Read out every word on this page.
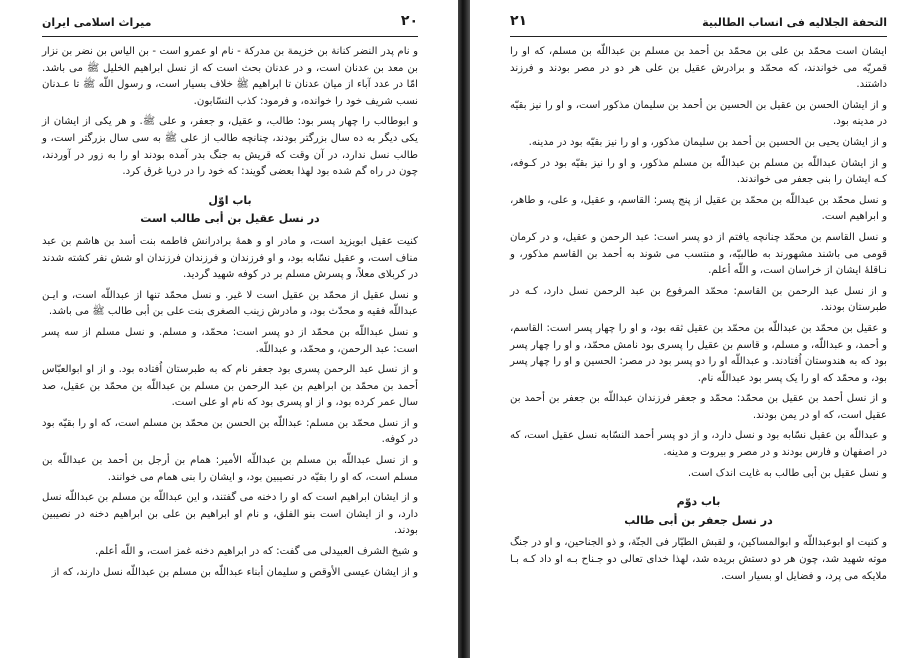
۲۰
میراث اسلامی ایران

و نام پدر النضر کنانة بن خزیمة بن مدرکة - نام او عمرو است - بن الیاس بن نضر بن نزار بن معد بن عدنان است، و در عدنان بحث است که از نسل ابراهیم الخلیل ﷺ می باشد. امّا در عدد آباء از میان عدنان تا ابراهیم ﷺ خلاف بسیار است، و رسول اللّه ﷺ تا عـدنان نسب شریف خود را خوانده، و فرمود: کذب النسّابون.

و ابوطالب را چهار پسر بود: طالب، و عقیل، و جعفر، و علی ﷺ. و هر یکی از ایشان از یکی دیگر به ده سال بزرگتر بودند، چنانچه طالب از علی ﷺ به سی سال بزرگتر است، و طالب نسل ندارد، در آن وقت که قریش به جنگ بدر آمده بودند او را به زور در آوردند، چون در راه گم شده بود لهذا بعضی گویند: که خود را در دریا غرق کرد.

باب اوّل
در نسل عقیل بن أبی طالب است

کنیت عقیل ابویزید است، و مادر او و همهٔ برادرانش فاطمه بنت أسد بن هاشم بن عبد مناف است، و عقیل نسّابه بود، و او فرزندان و فرزندان فرزندان او شش نفر کشته شدند در کربلای معلاً، و پسرش مسلم بر در کوفه شهید گردید.

و نسل عقیل از محمّد بن عقیل است لا غیر. و نسل محمّد تنها از عبداللّه است، و ایـن عبداللّه فقیه و محدّث بود، و مادرش زینب الصغری بنت علی بن أبی طالب ﷺ می باشد.

و نسل عبداللّه بن محمّد از دو پسر است: محمّد، و مسلم. و نسل مسلم از سه پسر است: عبد الرحمن، و محمّد، و عبداللّه.

و از نسل عبد الرحمن پسری بود جعفر نام که به طبرستان اُفتاده بود. و از او ابوالعبّاس أحمد بن محمّد بن ابراهیم بن عبد الرحمن بن مسلم بن عبداللّه بن محمّد بن عقیل، صد سال عمر کرده بود، و از او پسری بود که نام او علی است.

و از نسل محمّد بن مسلم: عبداللّه بن الحسن بن محمّد بن مسلم است، که او را بقیّه بود در کوفه.

و از نسل عبداللّه بن مسلم بن عبداللّه الأمیر: همام بن أرجل بن أحمد بن عبداللّه بن مسلم است، که او را بقیّه در نصیبین بود، و ایشان را بنی همام می خوانند.

و از ایشان ابراهیم است که او را دخنه می گفتند، و این عبداللّه بن مسلم بن عبداللّه نسل دارد، و از ایشان است بنو الفلق، و نام او ابراهیم بن علی بن ابراهیم دخنه در نصیبین بودند.

و شیخ الشرف العبیدلی می گفت: که در ابراهیم دخنه غمز است، و اللّه أعلم.

و از ایشان عیسی الأوقص و سلیمان أبناء عبداللّه بن مسلم بن عبداللّه نسل دارند، که از

۲۱	التحفة الجلالیه فی انساب الطالبیة

ایشان است محمّد بن علی بن محمّد بن أحمد بن مسلم بن عبداللّه بن مسلم، که او را قمریّه می خواندند، که محمّد و برادرش عقیل بن علی هر دو در مصر بودند و فرزند داشتند.

و از ایشان الحسن بن عقیل بن الحسین بن أحمد بن سلیمان مذکور است، و او را نیز بقیّه در مدینه بود.

و از ایشان یحیی بن الحسین بن أحمد بن سلیمان مذکور، و او را نیز بقیّه بود در مدینه.

و از ایشان عبداللّه بن مسلم بن عبداللّه بن مسلم مذکور، و او را نیز بقیّه بود در کـوفه، کـه ایشان را بنی جعفر می خواندند.

و نسل محمّد بن عبداللّه بن محمّد بن عقیل از پنج پسر: القاسم، و عقیل، و علی، و طاهر، و ابراهیم است.

و نسل القاسم بن محمّد چنانچه یافتم از دو پسر است: عبد الرحمن و عقیل، و در کرمان قومی می باشند مشهورند به طالبیّه، و منتسب می شوند به أحمد بن القاسم مذکور، و نـاقلهٔ ایشان از خراسان است، و اللّه أعلم.

و از نسل عبد الرحمن بن القاسم: محمّد المرفوع بن عبد الرحمن نسل دارد، کـه در طبرستان بودند.

و عقیل بن محمّد بن عبداللّه بن محمّد بن عقیل ثقه بود، و او را چهار پسر است: القاسم، و أحمد، و عبداللّه، و مسلم، و قاسم بن عقیل را پسری بود نامش محمّد، و او را چهار پسر بود که به هندوستان اُفتادند. و عبداللّه او را دو پسر بود در مصر: الحسین و او را چهار پسر بود، و محمّد که او را یک پسر بود عبداللّه نام.

و از نسل أحمد بن عقیل بن محمّد: محمّد و جعفر فرزندان عبداللّه بن جعفر بن أحمد بن عقیل است، که او در یمن بودند.

و عبداللّه بن عقیل نسّابه بود و نسل دارد، و از دو پسر أحمد النسّابه نسل عقیل است، که در اصفهان و فارس بودند و در مصر و بیروت و مدینه.

و نسل عقیل بن أبی طالب به غایت اندک است.

باب دوّم
در نسل جعفر بن أبی طالب

و کنیت او ابوعبداللّه و ابوالمساکین، و لقبش الطیّار فی الجنّة، و ذو الجناحین، و او در جنگ موته شهید شد، چون هر دو دستش بریده شد، لهذا خدای تعالی دو جـناح بـه او داد کـه بـا ملایکه می پرد، و فضایل او بسیار است.
